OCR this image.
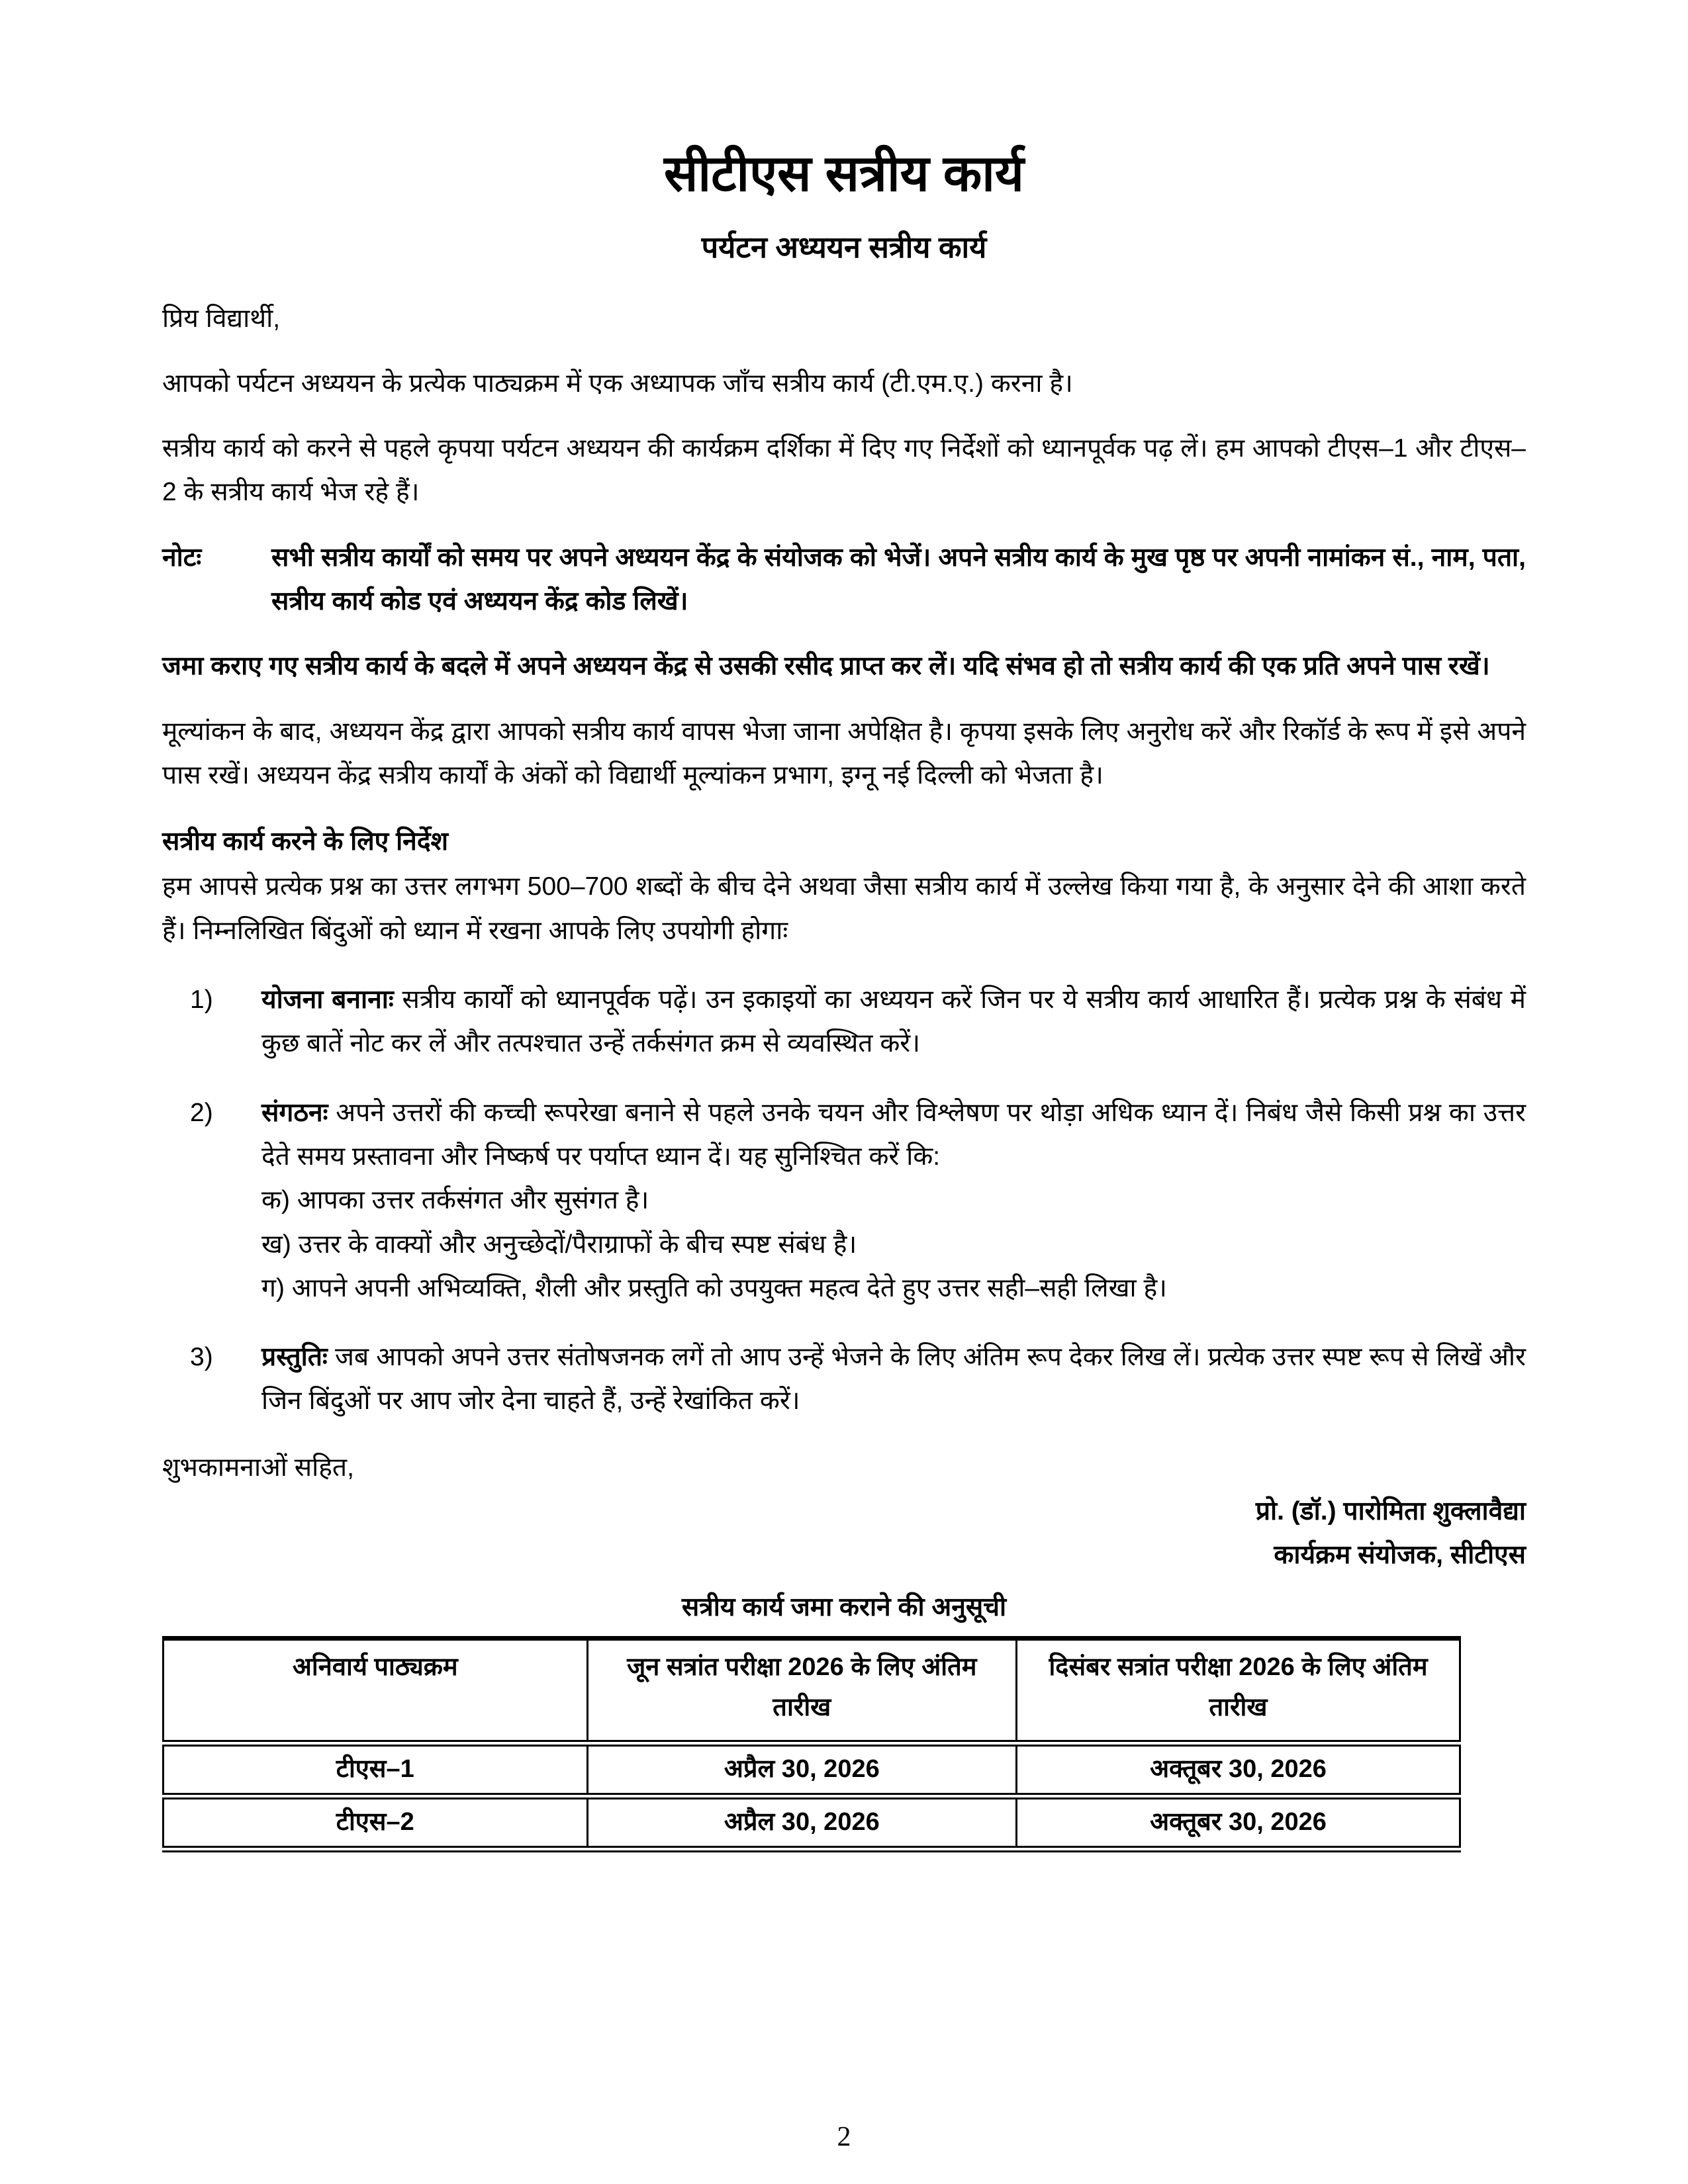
सीटीएस सत्रीय कार्य
पर्यटन अध्ययन सत्रीय कार्य

प्रिय विद्यार्थी,

आपको पर्यटन अध्ययन के प्रत्येक पाठ्यक्रम में एक अध्यापक जाँच सत्रीय कार्य (टी.एम.ए.) करना है।

सत्रीय कार्य को करने से पहले कृपया पर्यटन अध्ययन की कार्यक्रम दर्शिका में दिए गए निर्देशों को ध्यानपूर्वक पढ़ लें। हम आपको टीएस–1 और टीएस–2 के सत्रीय कार्य भेज रहे हैं।

नोटः	सभी सत्रीय कार्यों को समय पर अपने अध्ययन केंद्र के संयोजक को भेजें। अपने सत्रीय कार्य के मुख पृष्ठ पर अपनी नामांकन सं., नाम, पता, सत्रीय कार्य कोड एवं अध्ययन केंद्र कोड लिखें।

जमा कराए गए सत्रीय कार्य के बदले में अपने अध्ययन केंद्र से उसकी रसीद प्राप्त कर लें। यदि संभव हो तो सत्रीय कार्य की एक प्रति अपने पास रखें।

मूल्यांकन के बाद, अध्ययन केंद्र द्वारा आपको सत्रीय कार्य वापस भेजा जाना अपेक्षित है। कृपया इसके लिए अनुरोध करें और रिकॉर्ड के रूप में इसे अपने पास रखें। अध्ययन केंद्र सत्रीय कार्यों के अंकों को विद्यार्थी मूल्यांकन प्रभाग, इग्नू नई दिल्ली को भेजता है।

सत्रीय कार्य करने के लिए निर्देश

हम आपसे प्रत्येक प्रश्न का उत्तर लगभग 500–700 शब्दों के बीच देने अथवा जैसा सत्रीय कार्य में उल्लेख किया गया है, के अनुसार देने की आशा करते हैं। निम्नलिखित बिंदुओं को ध्यान में रखना आपके लिए उपयोगी होगाः

1) योजना बनानाः सत्रीय कार्यों को ध्यानपूर्वक पढ़ें। उन इकाइयों का अध्ययन करें जिन पर ये सत्रीय कार्य आधारित हैं। प्रत्येक प्रश्न के संबंध में कुछ बातें नोट कर लें और तत्पश्चात उन्हें तर्कसंगत क्रम से व्यवस्थित करें।
2) संगठनः अपने उत्तरों की कच्ची रूपरेखा बनाने से पहले उनके चयन और विश्लेषण पर थोड़ा अधिक ध्यान दें। निबंध जैसे किसी प्रश्न का उत्तर देते समय प्रस्तावना और निष्कर्ष पर पर्याप्त ध्यान दें। यह सुनिश्चित करें कि:
क) आपका उत्तर तर्कसंगत और सुसंगत है।
ख) उत्तर के वाक्यों और अनुच्छेदों/पैराग्राफों के बीच स्पष्ट संबंध है।
ग) आपने अपनी अभिव्यक्ति, शैली और प्रस्तुति को उपयुक्त महत्व देते हुए उत्तर सही–सही लिखा है।
3) प्रस्तुतिः जब आपको अपने उत्तर संतोषजनक लगें तो आप उन्हें भेजने के लिए अंतिम रूप देकर लिख लें। प्रत्येक उत्तर स्पष्ट रूप से लिखें और जिन बिंदुओं पर आप जोर देना चाहते हैं, उन्हें रेखांकित करें।

शुभकामनाओं सहित,

प्रो. (डॉ.) पारोमिता शुक्लावैद्या
कार्यक्रम संयोजक, सीटीएस
सत्रीय कार्य जमा कराने की अनुसूची
अनिवार्य पाठ्यक्रम	जून सत्रांत परीक्षा 2026 के लिए अंतिम तारीख	दिसंबर सत्रांत परीक्षा 2026 के लिए अंतिम तारीख
टीएस–1	अप्रैल 30, 2026	अक्तूबर 30, 2026
टीएस–2	अप्रैल 30, 2026	अक्तूबर 30, 2026
2
